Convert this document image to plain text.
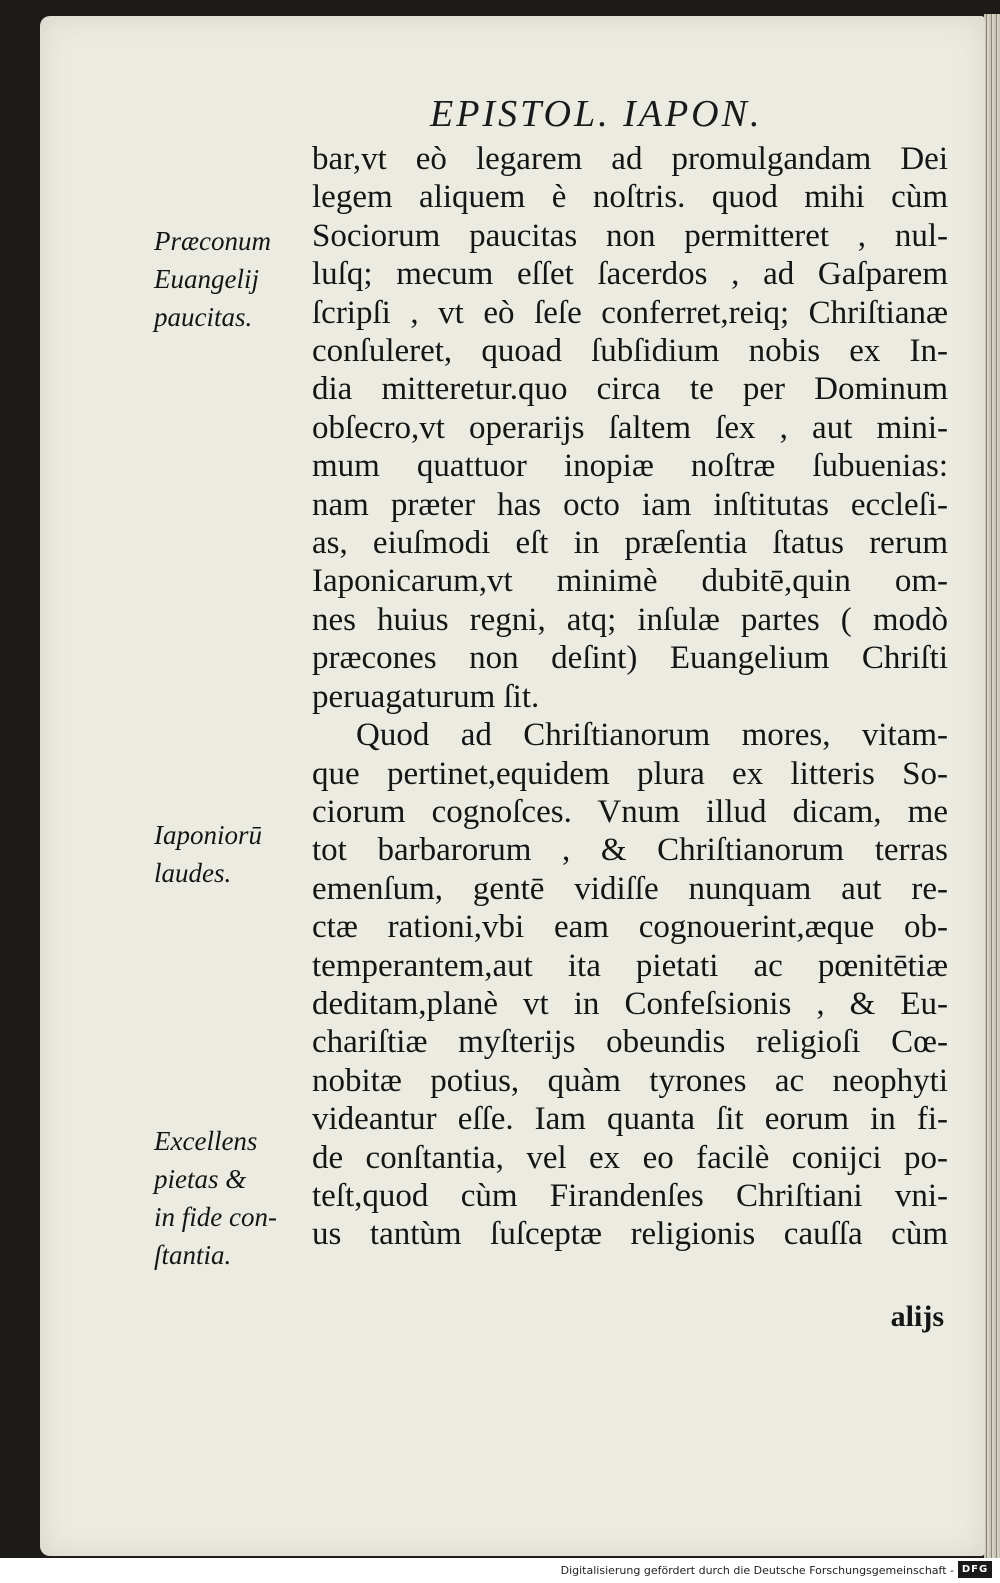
EPISTOL. IAPON.
bar,vt eò legarem ad promulgandam Dei
legem aliquem è noſtris. quod mihi cùm
Sociorum paucitas non permitteret , nul-
luſq; mecum eſſet ſacerdos , ad Gaſparem
ſcripſi , vt eò ſeſe conferret,reiq; Chriſtianæ
conſuleret, quoad ſubſidium nobis ex In-
dia mitteretur.quo circa te per Dominum
obſecro,vt operarijs ſaltem ſex , aut mini-
mum quattuor inopiæ noſtræ ſubuenias:
nam præter has octo iam inſtitutas eccleſi-
as, eiuſmodi eſt in præſentia ſtatus rerum
Iaponicarum,vt minimè dubitē,quin om-
nes huius regni, atq; inſulæ partes ( modò
præcones non deſint) Euangelium Chriſti
peruagaturum ſit.
Quod ad Chriſtianorum mores, vitam-
que pertinet,equidem plura ex litteris So-
ciorum cognoſces. Vnum illud dicam, me
tot barbarorum , & Chriſtianorum terras
emenſum, gentē vidiſſe nunquam aut re-
ctæ rationi,vbi eam cognouerint,æque ob-
temperantem,aut ita pietati ac pœnitētiæ
deditam,planè vt in Confeſsionis , & Eu-
chariſtiæ myſterijs obeundis religioſi Cœ-
nobitæ potius, quàm tyrones ac neophyti
videantur eſſe. Iam quanta ſit eorum in fi-
de conſtantia, vel ex eo facilè conijci po-
teſt,quod cùm Firandenſes Chriſtiani vni-
us tantùm ſuſceptæ religionis cauſſa cùm
Præconum
Euangelij
paucitas.
Iaponiorū
laudes.
Excellens
pietas &
in fide con-
ſtantia.
alijs
Digitalisierung gefördert durch die Deutsche Forschungsgemeinschaft - DFG
